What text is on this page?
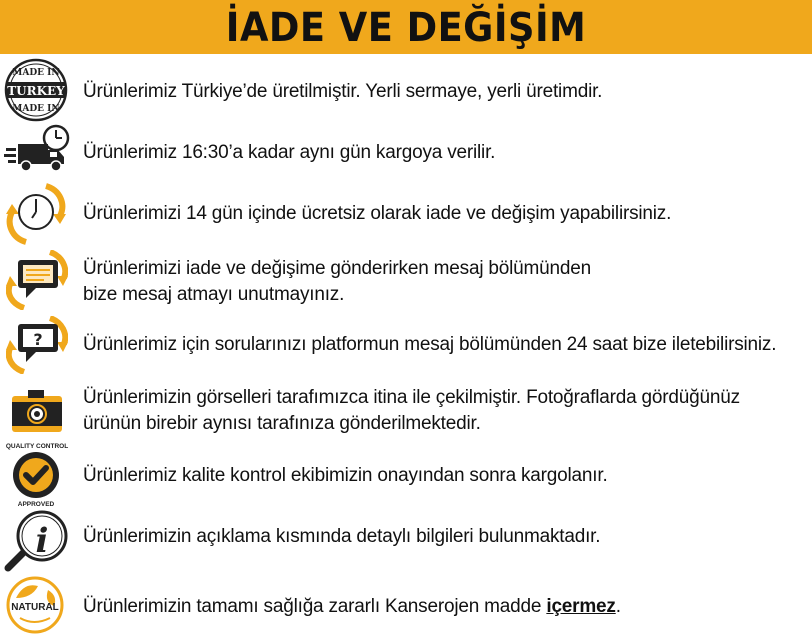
İADE VE DEĞİŞİM
MADE IN
TURKEY
MADE IN
Ürünlerimiz Türkiye’de üretilmiştir. Yerli sermaye, yerli üretimdir.
Ürünlerimiz 16:30’a kadar aynı gün kargoya verilir.
Ürünlerimizi 14 gün içinde ücretsiz olarak iade ve değişim yapabilirsiniz.
Ürünlerimizi iade ve değişime gönderirken mesaj bölümünden
bize mesaj atmayı unutmayınız.
? Ürünlerimiz için sorularınızı platformun mesaj bölümünden 24 saat bize iletebilirsiniz.
Ürünlerimizin görselleri tarafımızca itina ile çekilmiştir. Fotoğraflarda gördüğünüz
ürünün birebir aynısı tarafınıza gönderilmektedir.
QUALITY CONTROL
APPROVED
Ürünlerimiz kalite kontrol ekibimizin onayından sonra kargolanır.
i Ürünlerimizin açıklama kısmında detaylı bilgileri bulunmaktadır.
NATURAL Ürünlerimizin tamamı sağlığa zararlı Kanserojen madde içermez.
